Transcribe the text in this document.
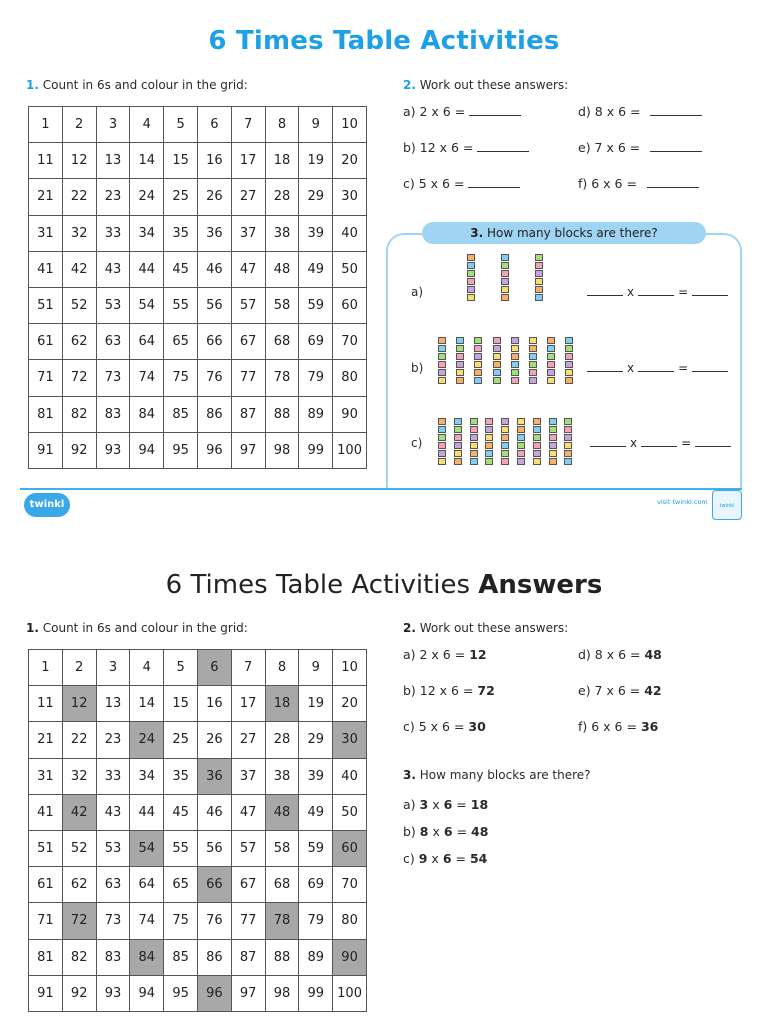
6 Times Table Activities
1. Count in 6s and colour in the grid:
1	2	3	4	5	6	7	8	9	10
11	12	13	14	15	16	17	18	19	20
21	22	23	24	25	26	27	28	29	30
31	32	33	34	35	36	37	38	39	40
41	42	43	44	45	46	47	48	49	50
51	52	53	54	55	56	57	58	59	60
61	62	63	64	65	66	67	68	69	70
71	72	73	74	75	76	77	78	79	80
81	82	83	84	85	86	87	88	89	90
91	92	93	94	95	96	97	98	99	100
2. Work out these answers:
a) 2 x 6 =	d) 8 x 6 =
b) 12 x 6 =	e) 7 x 6 =
c) 5 x 6 =	f) 6 x 6 =
3. How many blocks are there?
a)	x	=
b)	x	=
c)	x	=
twinkl	visit twinkl.com	twinkl
6 Times Table Activities Answers
1. Count in 6s and colour in the grid:
1	2	3	4	5	6	7	8	9	10
11	12	13	14	15	16	17	18	19	20
21	22	23	24	25	26	27	28	29	30
31	32	33	34	35	36	37	38	39	40
41	42	43	44	45	46	47	48	49	50
51	52	53	54	55	56	57	58	59	60
61	62	63	64	65	66	67	68	69	70
71	72	73	74	75	76	77	78	79	80
81	82	83	84	85	86	87	88	89	90
91	92	93	94	95	96	97	98	99	100
2. Work out these answers:
a) 2 x 6 = 12	d) 8 x 6 = 48
b) 12 x 6 = 72	e) 7 x 6 = 42
c) 5 x 6 = 30	f) 6 x 6 = 36
3. How many blocks are there?
a) 3 x 6 = 18
b) 8 x 6 = 48
c) 9 x 6 = 54
